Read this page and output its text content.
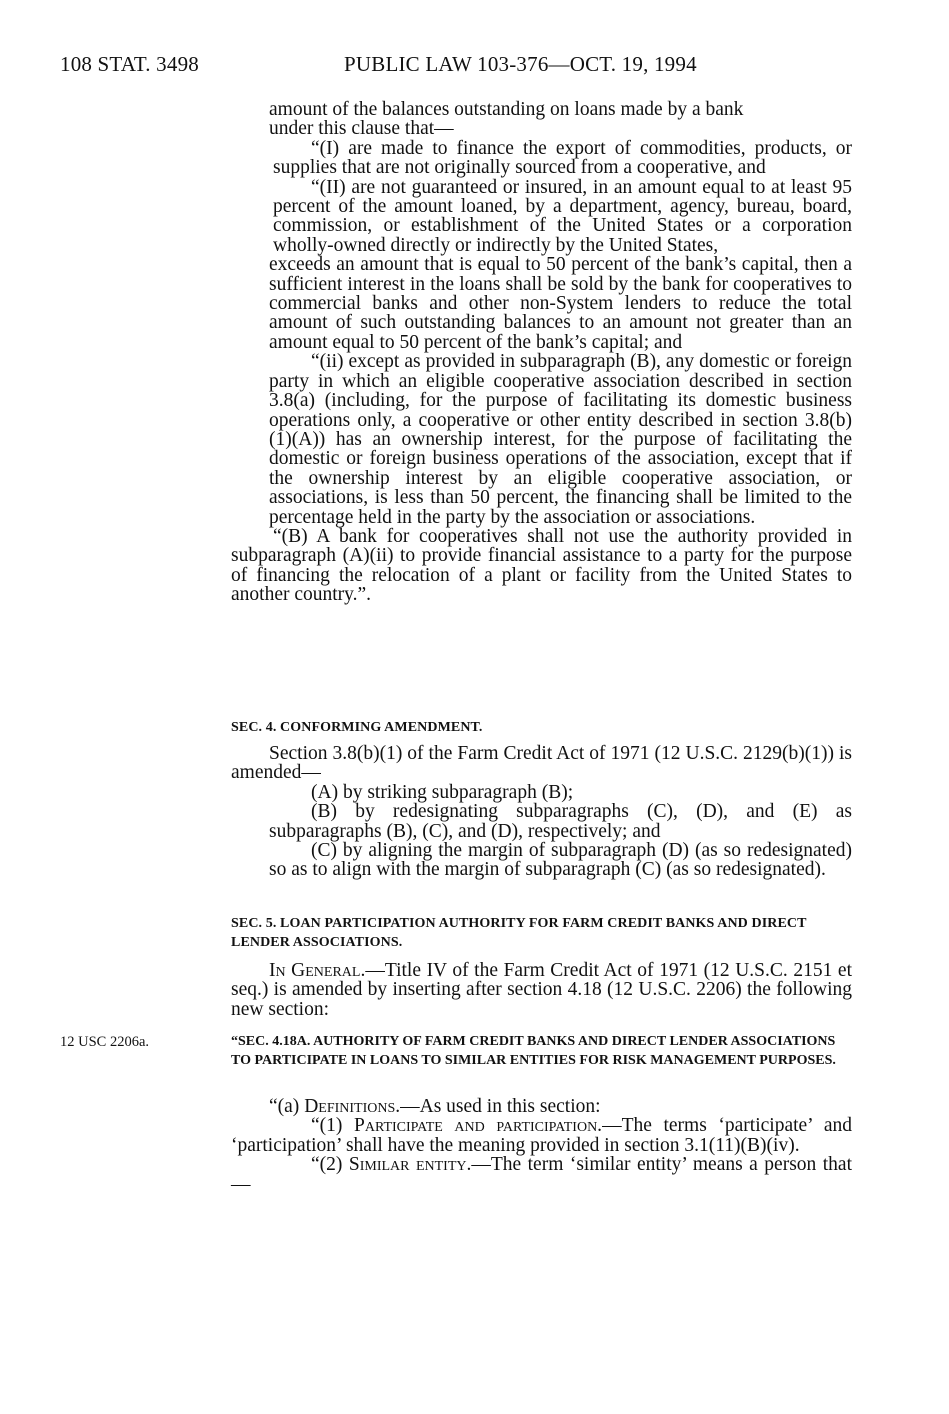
108 STAT. 3498	PUBLIC LAW 103-376—OCT. 19, 1994

amount of the balances outstanding on loans made by a bank
under this clause that—

“(I) are made to finance the export of commodities, products, or supplies that are not originally sourced from a cooperative, and

“(II) are not guaranteed or insured, in an amount equal to at least 95 percent of the amount loaned, by a department, agency, bureau, board, commission, or establishment of the United States or a corporation wholly-owned directly or indirectly by the United States,

exceeds an amount that is equal to 50 percent of the bank’s capital, then a sufficient interest in the loans shall be sold by the bank for cooperatives to commercial banks and other non-System lenders to reduce the total amount of such outstanding balances to an amount not greater than an amount equal to 50 percent of the bank’s capital; and

“(ii) except as provided in subparagraph (B), any domestic or foreign party in which an eligible cooperative association described in section 3.8(a) (including, for the purpose of facilitating its domestic business operations only, a cooperative or other entity described in section 3.8(b)(1)(A)) has an ownership interest, for the purpose of facilitating the domestic or foreign business operations of the association, except that if the ownership interest by an eligible cooperative association, or associations, is less than 50 percent, the financing shall be limited to the percentage held in the party by the association or associations.

“(B) A bank for cooperatives shall not use the authority provided in subparagraph (A)(ii) to provide financial assistance to a party for the purpose of financing the relocation of a plant or facility from the United States to another country.”.

SEC. 4. CONFORMING AMENDMENT.

Section 3.8(b)(1) of the Farm Credit Act of 1971 (12 U.S.C. 2129(b)(1)) is amended—

(A) by striking subparagraph (B);

(B) by redesignating subparagraphs (C), (D), and (E) as subparagraphs (B), (C), and (D), respectively; and

(C) by aligning the margin of subparagraph (D) (as so redesignated) so as to align with the margin of subparagraph (C) (as so redesignated).

SEC. 5. LOAN PARTICIPATION AUTHORITY FOR FARM CREDIT BANKS AND DIRECT LENDER ASSOCIATIONS.

In General.—Title IV of the Farm Credit Act of 1971 (12 U.S.C. 2151 et seq.) is amended by inserting after section 4.18 (12 U.S.C. 2206) the following new section:

12 USC 2206a.	“SEC. 4.18A. AUTHORITY OF FARM CREDIT BANKS AND DIRECT LENDER ASSOCIATIONS TO PARTICIPATE IN LOANS TO SIMILAR ENTITIES FOR RISK MANAGEMENT PURPOSES.

“(a) Definitions.—As used in this section:

“(1) Participate and participation.—The terms ‘participate’ and ‘participation’ shall have the meaning provided in section 3.1(11)(B)(iv).

“(2) Similar entity.—The term ‘similar entity’ means a person that—
